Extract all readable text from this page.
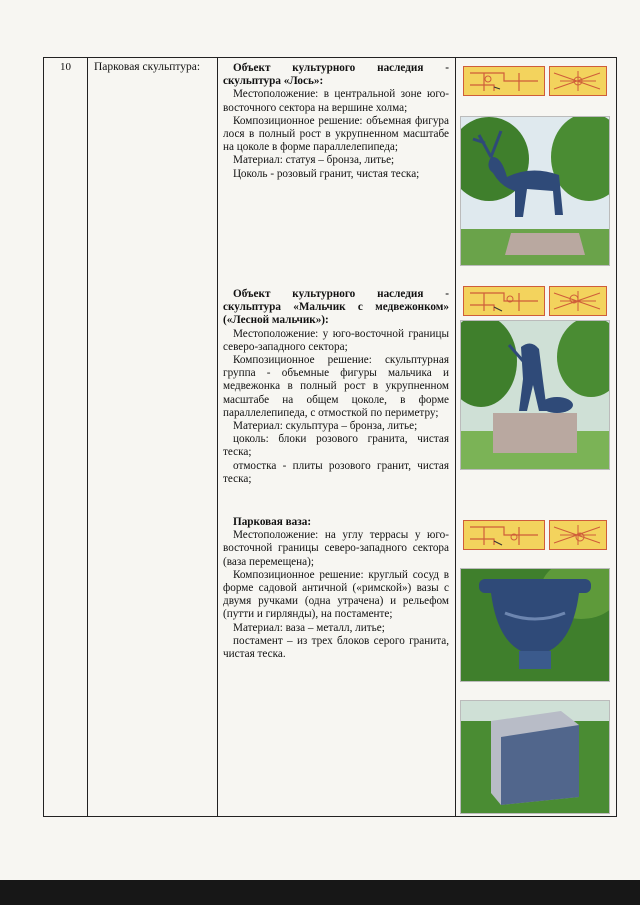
10	Парковая скульптура:	Объект культурного наследия - скульптура «Лось»:

Местоположение: в центральной зоне юго-восточного сектора на вершине холма;

Композиционное решение: объемная фигура лося в полный рост в укрупненном масштабе на цоколе в форме параллелепипеда;

Материал: статуя – бронза, литье;

Цоколь - розовый гранит, чистая теска;

Объект культурного наследия - скульптура «Мальчик с медвежонком» («Лесной мальчик»):

Местоположение: у юго-восточной границы северо-западного сектора;

Композиционное решение: скульптурная группа - объемные фигуры мальчика и медвежонка в полный рост в укрупненном масштабе на общем цоколе, в форме параллелепипеда, с отмосткой по периметру;

Материал: скульптура – бронза, литье;

цоколь: блоки розового гранита, чистая теска;

отмостка - плиты розового гранит, чистая теска;

Парковая ваза:

Местоположение: на углу террасы у юго-восточной границы северо-западного сектора (ваза перемещена);

Композиционное решение: круглый сосуд в форме садовой античной («римской») вазы с двумя ручками (одна утрачена) и рельефом (путти и гирлянды), на постаменте;

Материал: ваза – металл, литье;

постамент – из трех блоков серого гранита, чистая теска.
